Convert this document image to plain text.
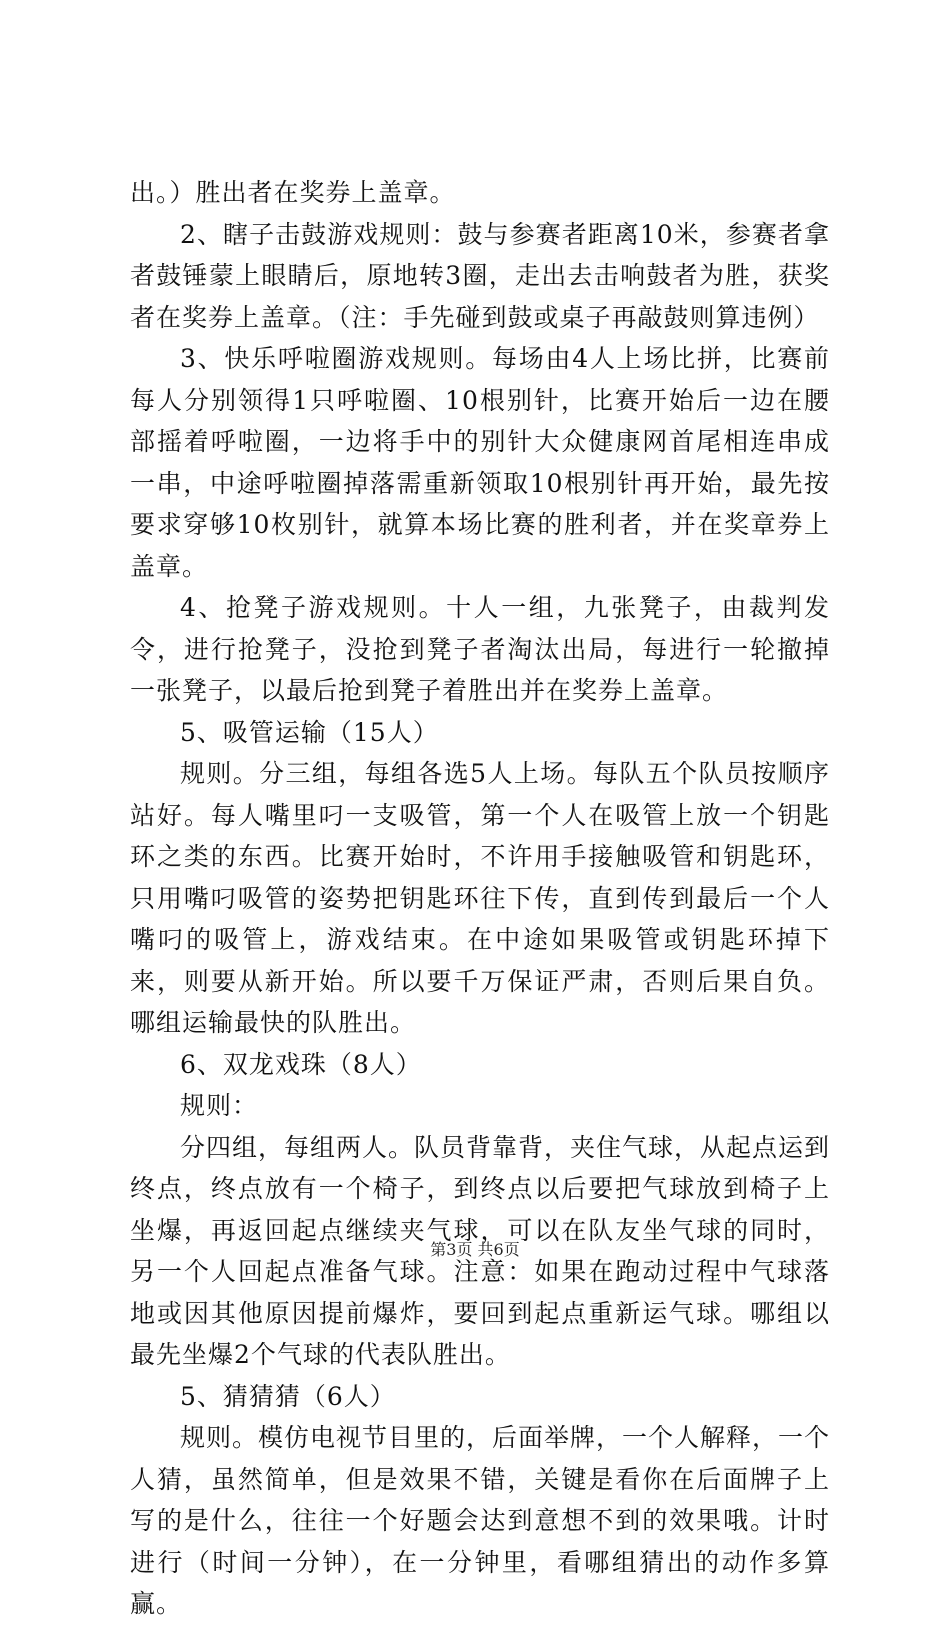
出。）胜出者在奖券上盖章。

2、瞎子击鼓游戏规则：鼓与参赛者距离10米，参赛者拿者鼓锤蒙上眼睛后，原地转3圈，走出去击响鼓者为胜，获奖者在奖券上盖章。（注：手先碰到鼓或桌子再敲鼓则算违例）

3、快乐呼啦圈游戏规则。每场由4人上场比拼，比赛前每人分别领得1只呼啦圈、10根别针，比赛开始后一边在腰部摇着呼啦圈，一边将手中的别针大众健康网首尾相连串成一串，中途呼啦圈掉落需重新领取10根别针再开始，最先按要求穿够10枚别针，就算本场比赛的胜利者，并在奖章券上盖章。

4、抢凳子游戏规则。十人一组，九张凳子，由裁判发令，进行抢凳子，没抢到凳子者淘汰出局，每进行一轮撤掉一张凳子，以最后抢到凳子着胜出并在奖券上盖章。

5、吸管运输（15人）

规则。分三组，每组各选5人上场。每队五个队员按顺序站好。每人嘴里叼一支吸管，第一个人在吸管上放一个钥匙环之类的东西。比赛开始时，不许用手接触吸管和钥匙环，只用嘴叼吸管的姿势把钥匙环往下传，直到传到最后一个人嘴叼的吸管上，游戏结束。在中途如果吸管或钥匙环掉下来，则要从新开始。所以要千万保证严肃，否则后果自负。哪组运输最快的队胜出。

6、双龙戏珠（8人）

规则：

分四组，每组两人。队员背靠背，夹住气球，从起点运到终点，终点放有一个椅子，到终点以后要把气球放到椅子上坐爆，再返回起点继续夹气球，可以在队友坐气球的同时，另一个人回起点准备气球。注意：如果在跑动过程中气球落地或因其他原因提前爆炸，要回到起点重新运气球。哪组以最先坐爆2个气球的代表队胜出。

5、猜猜猜（6人）

规则。模仿电视节目里的，后面举牌，一个人解释，一个人猜，虽然简单，但是效果不错，关键是看你在后面牌子上写的是什么，往往一个好题会达到意想不到的效果哦。计时进行（时间一分钟），在一分钟里，看哪组猜出的动作多算赢。

第3页 共6页
